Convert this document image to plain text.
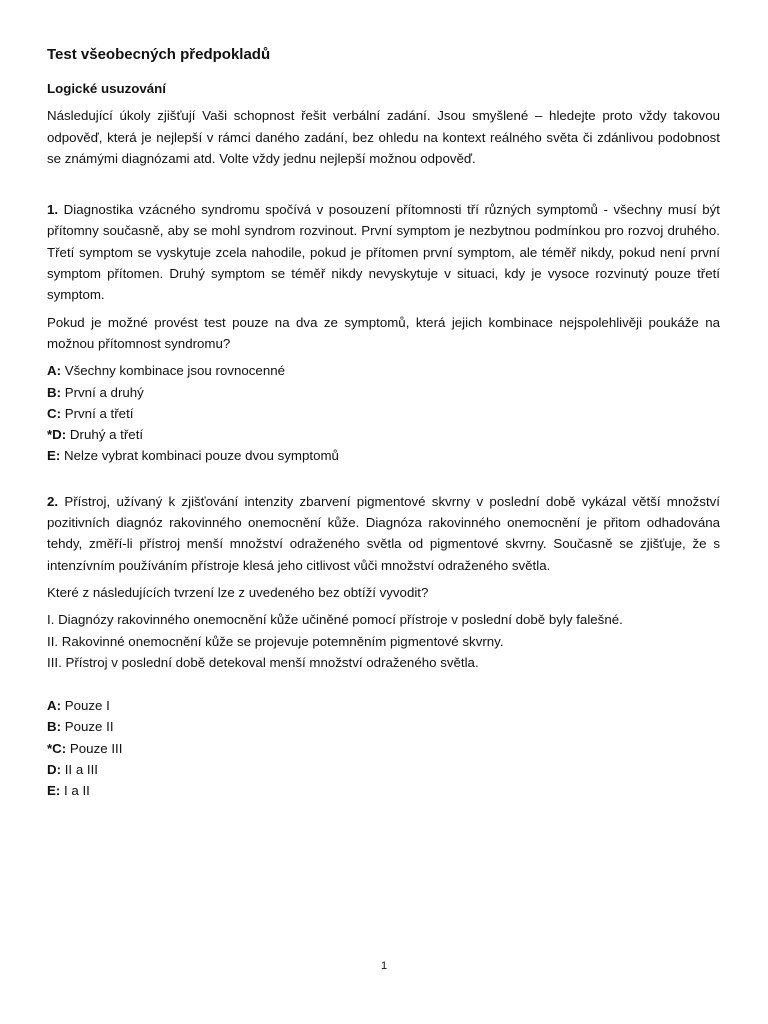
Test všeobecných předpokladů
Logické usuzování

Následující úkoly zjišťují Vaši schopnost řešit verbální zadání. Jsou smyšlené – hledejte proto vždy takovou odpověď, která je nejlepší v rámci daného zadání, bez ohledu na kontext reálného světa či zdánlivou podobnost se známými diagnózami atd. Volte vždy jednu nejlepší možnou odpověď.

1. Diagnostika vzácného syndromu spočívá v posouzení přítomnosti tří různých symptomů - všechny musí být přítomny současně, aby se mohl syndrom rozvinout. První symptom je nezbytnou podmínkou pro rozvoj druhého. Třetí symptom se vyskytuje zcela nahodile, pokud je přítomen první symptom, ale téměř nikdy, pokud není první symptom přítomen. Druhý symptom se téměř nikdy nevyskytuje v situaci, kdy je vysoce rozvinutý pouze třetí symptom.

Pokud je možné provést test pouze na dva ze symptomů, která jejich kombinace nejspolehlivěji poukáže na možnou přítomnost syndromu?

A: Všechny kombinace jsou rovnocenné
B: První a druhý
C: První a třetí
*D: Druhý a třetí
E: Nelze vybrat kombinaci pouze dvou symptomů

2. Přístroj, užívaný k zjišťování intenzity zbarvení pigmentové skvrny v poslední době vykázal větší množství pozitivních diagnóz rakovinného onemocnění kůže. Diagnóza rakovinného onemocnění je přitom odhadována tehdy, změří-li přístroj menší množství odraženého světla od pigmentové skvrny. Současně se zjišťuje, že s intenzívním používáním přístroje klesá jeho citlivost vůči množství odraženého světla.

Které z následujících tvrzení lze z uvedeného bez obtíží vyvodit?

I. Diagnózy rakovinného onemocnění kůže učiněné pomocí přístroje v poslední době byly falešné.
II. Rakovinné onemocnění kůže se projevuje potemněním pigmentové skvrny.
III. Přístroj v poslední době detekoval menší množství odraženého světla.
A: Pouze I
B: Pouze II
*C: Pouze III
D: II a III
E: I a II
1
